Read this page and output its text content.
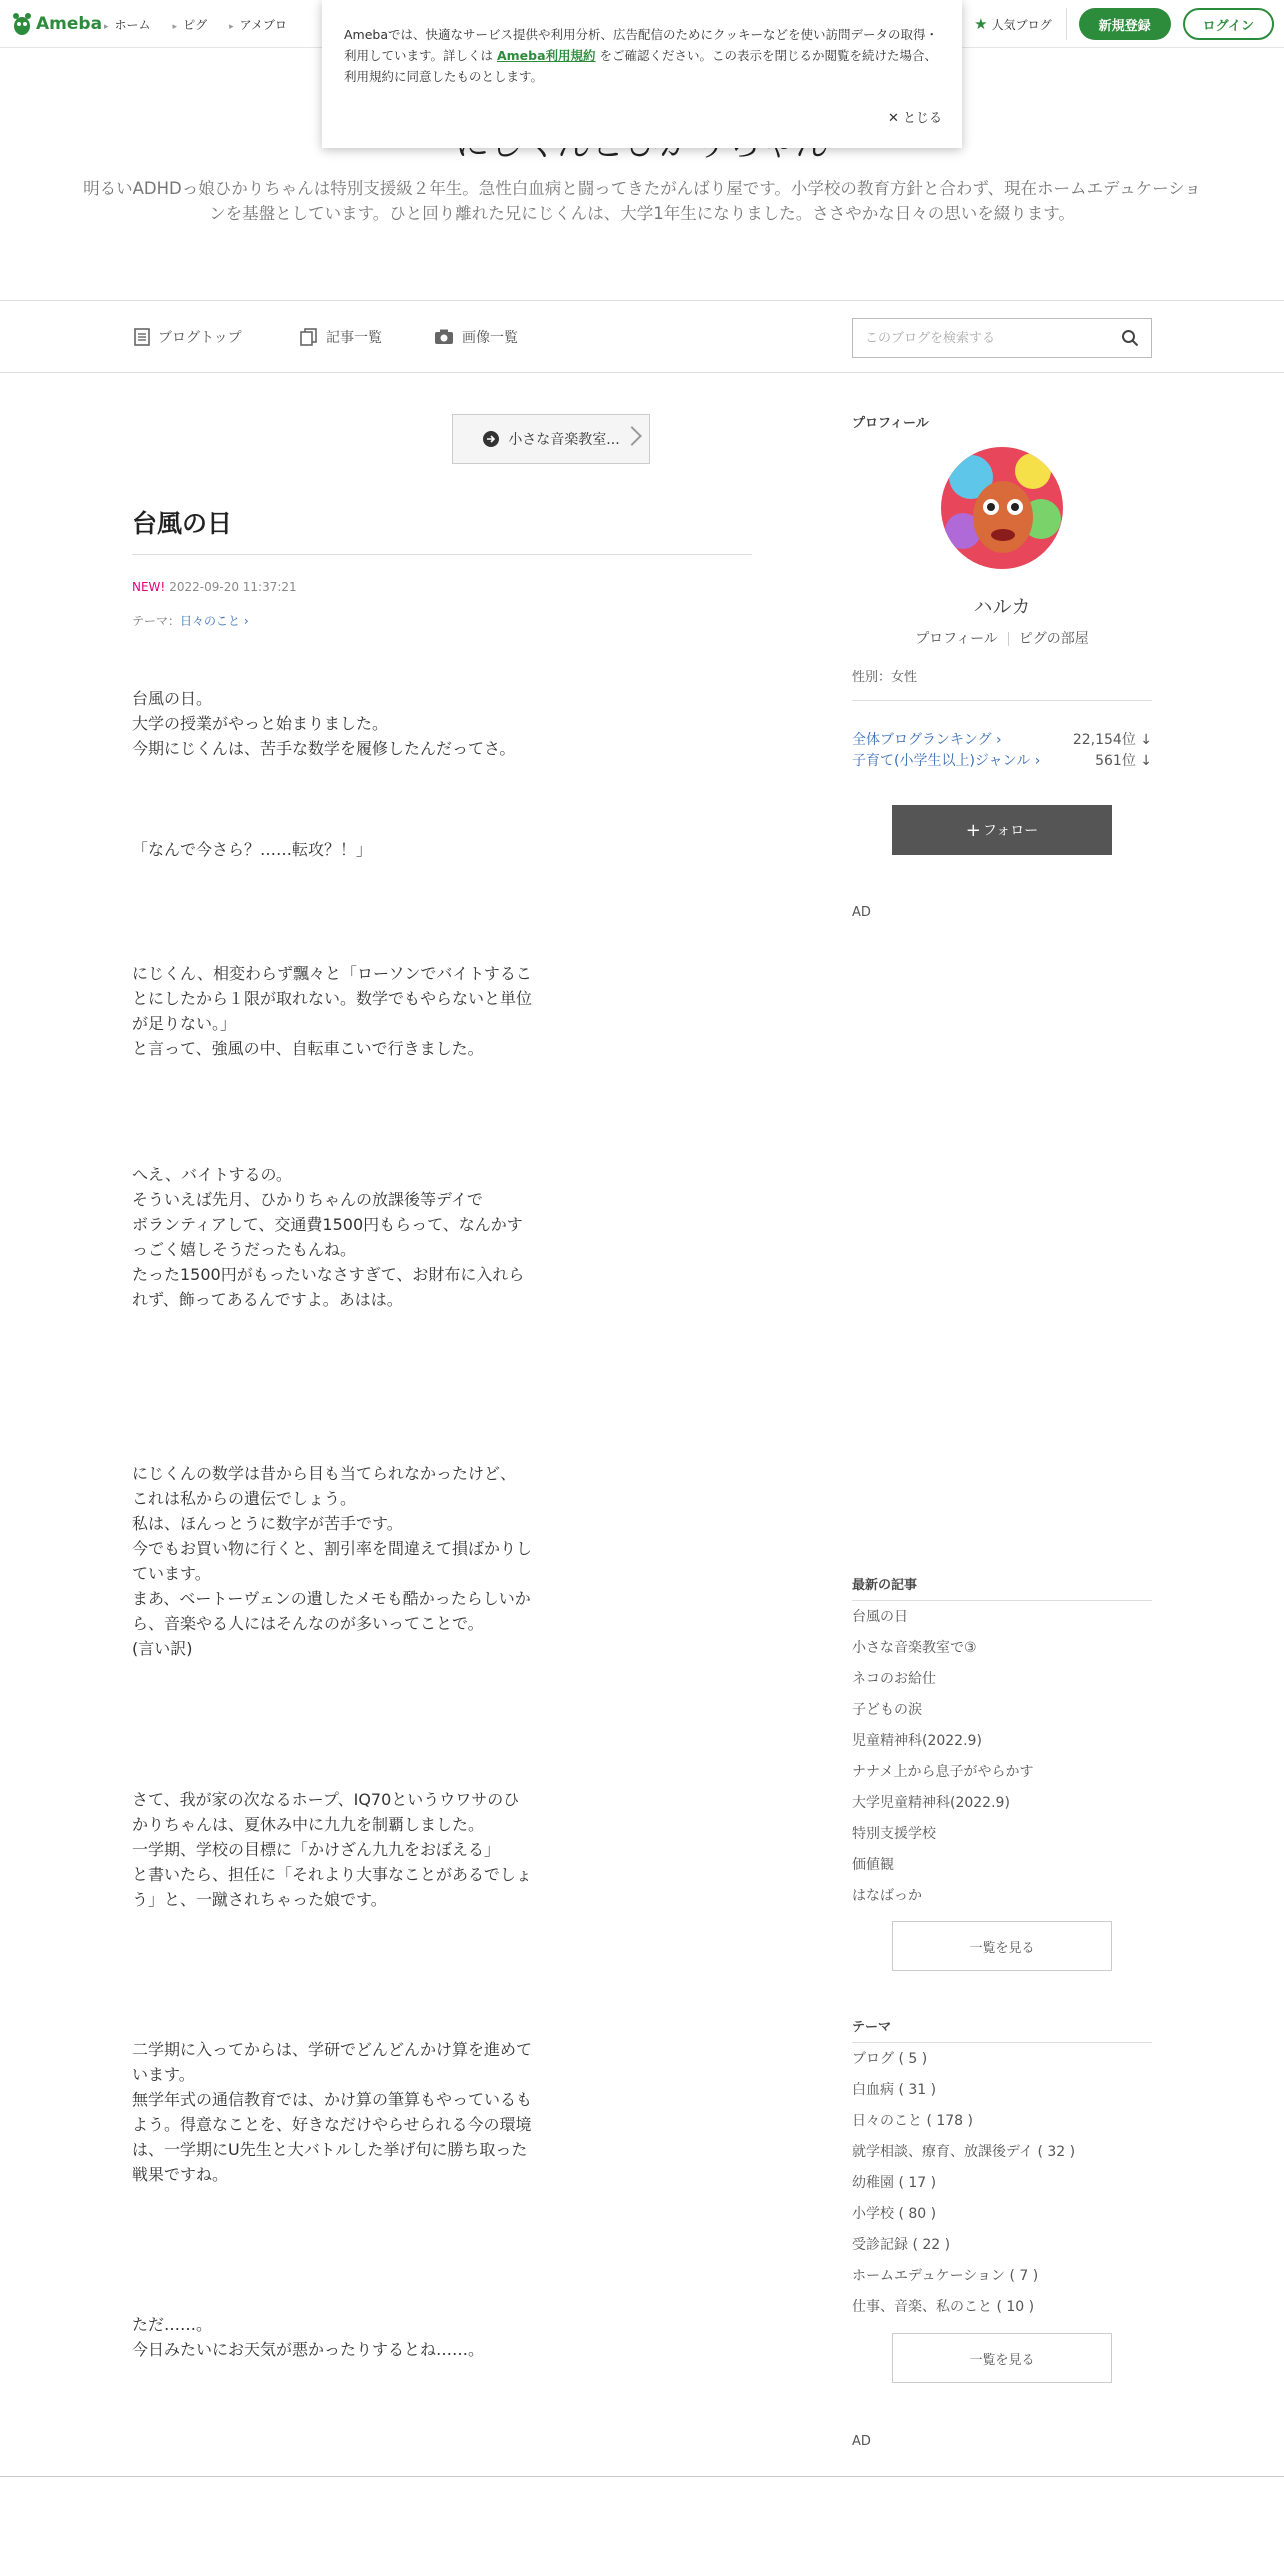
Ameba	▸ ホーム	▸ ピグ	▸ アメブロ	★ 人気ブログ	新規登録	ログイン

Amebaでは、快適なサービス提供や利用分析、広告配信のためにクッキーなどを使い訪問データの取得・利用しています。詳しくは Ameba利用規約 をご確認ください。この表示を閉じるか閲覧を続けた場合、利用規約に同意したものとします。

✕ とじる
明るいADHDっ娘ひかりちゃんは特別支援級２年生。急性白血病と闘ってきたがんばり屋です。小学校の教育方針と合わず、現在ホームエデュケーションを基盤としています。ひと回り離れた兄にじくんは、大学1年生になりました。ささやかな日々の思いを綴ります。
ブログトップ	記事一覧	画像一覧
このブログを検索する
小さな音楽教室...
台風の日
NEW! 2022-09-20 11:37:21
テーマ：日々のこと ›
台風の日。
大学の授業がやっと始まりました。
今期にじくんは、苦手な数学を履修したんだってさ。
「なんで今さら？……転攻？！」
にじくん、相変わらず飄々と「ローソンでバイトすることにしたから１限が取れない。数学でもやらないと単位が足りない。」
と言って、強風の中、自転車こいで行きました。
へえ、バイトするの。
そういえば先月、ひかりちゃんの放課後等デイで
ボランティアして、交通費1500円もらって、なんかすっごく嬉しそうだったもんね。
たった1500円がもったいなさすぎて、お財布に入れられず、飾ってあるんですよ。あはは。
にじくんの数学は昔から目も当てられなかったけど、
これは私からの遺伝でしょう。
私は、ほんっとうに数字が苦手です。
今でもお買い物に行くと、割引率を間違えて損ばかりしています。
まあ、ベートーヴェンの遺したメモも酷かったらしいから、音楽やる人にはそんなのが多いってことで。
(言い訳)
さて、我が家の次なるホープ、IQ70というウワサのひかりちゃんは、夏休み中に九九を制覇しました。
一学期、学校の目標に「かけざん九九をおぼえる」
と書いたら、担任に「それより大事なことがあるでしょう」と、一蹴されちゃった娘です。
二学期に入ってからは、学研でどんどんかけ算を進めています。
無学年式の通信教育では、かけ算の筆算もやっているもよう。得意なことを、好きなだけやらせられる今の環境は、一学期にU先生と大バトルした挙げ句に勝ち取った戦果ですね。
ただ……。
今日みたいにお天気が悪かったりするとね……。
プロフィール
ハルカ
プロフィール ピグの部屋
性別：女性
全体ブログランキング ›	22,154位 ↓
子育て(小学生以上)ジャンル ›	561位 ↓
+ フォロー
AD
最新の記事
台風の日
小さな音楽教室で③
ネコのお給仕
子どもの涙
児童精神科(2022.9)
ナナメ上から息子がやらかす
大学児童精神科(2022.9)
特別支援学校
価値観
はなばっか
一覧を見る
テーマ
ブログ ( 5 )
白血病 ( 31 )
日々のこと ( 178 )
就学相談、療育、放課後デイ ( 32 )
幼稚園 ( 17 )
小学校 ( 80 )
受診記録 ( 22 )
ホームエデュケーション ( 7 )
仕事、音楽、私のこと ( 10 )
一覧を見る
AD
